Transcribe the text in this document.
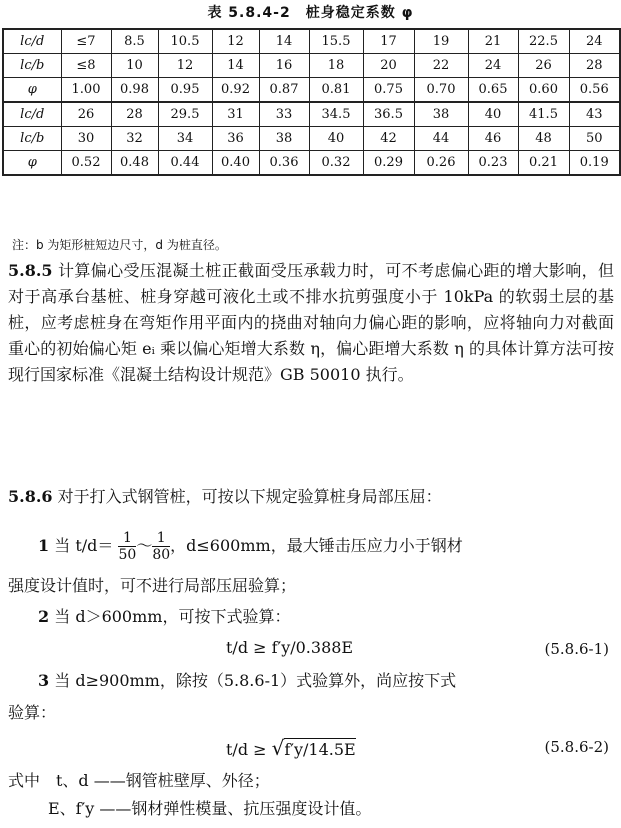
表 5.8.4-2　桩身稳定系数 φ
lc/d	≤7	8.5	10.5	12	14	15.5	17	19	21	22.5	24
lc/b	≤8	10	12	14	16	18	20	22	24	26	28
φ	1.00	0.98	0.95	0.92	0.87	0.81	0.75	0.70	0.65	0.60	0.56
lc/d	26	28	29.5	31	33	34.5	36.5	38	40	41.5	43
lc/b	30	32	34	36	38	40	42	44	46	48	50
φ	0.52	0.48	0.44	0.40	0.36	0.32	0.29	0.26	0.23	0.21	0.19
注：b 为矩形桩短边尺寸，d 为桩直径。
5.8.5 计算偏心受压混凝土桩正截面受压承载力时，可不考虑偏心距的增大影响，但对于高承台基桩、桩身穿越可液化土或不排水抗剪强度小于 10kPa 的软弱土层的基桩，应考虑桩身在弯矩作用平面内的挠曲对轴向力偏心距的影响，应将轴向力对截面重心的初始偏心矩 eᵢ 乘以偏心矩增大系数 η，偏心距增大系数 η 的具体计算方法可按现行国家标准《混凝土结构设计规范》GB 50010 执行。
5.8.6 对于打入式钢管桩，可按以下规定验算桩身局部压屈：
1 当 $t/d= \frac{1}{50}$ ～ $\frac{1}{80}$ ，d≤600mm，最大锤击压应力小于钢材
强度设计值时，可不进行局部压屈验算；
2 当 d＞600mm，可按下式验算：
t/d ≥ f′y/0.388E	(5.8.6-1)
3 当 d≥900mm，除按（5.8.6-1）式验算外，尚应按下式
验算：
t/d ≥ √f′y/14.5E	(5.8.6-2)
式中　t、d ——钢管桩壁厚、外径；
E、f′y ——钢材弹性模量、抗压强度设计值。
